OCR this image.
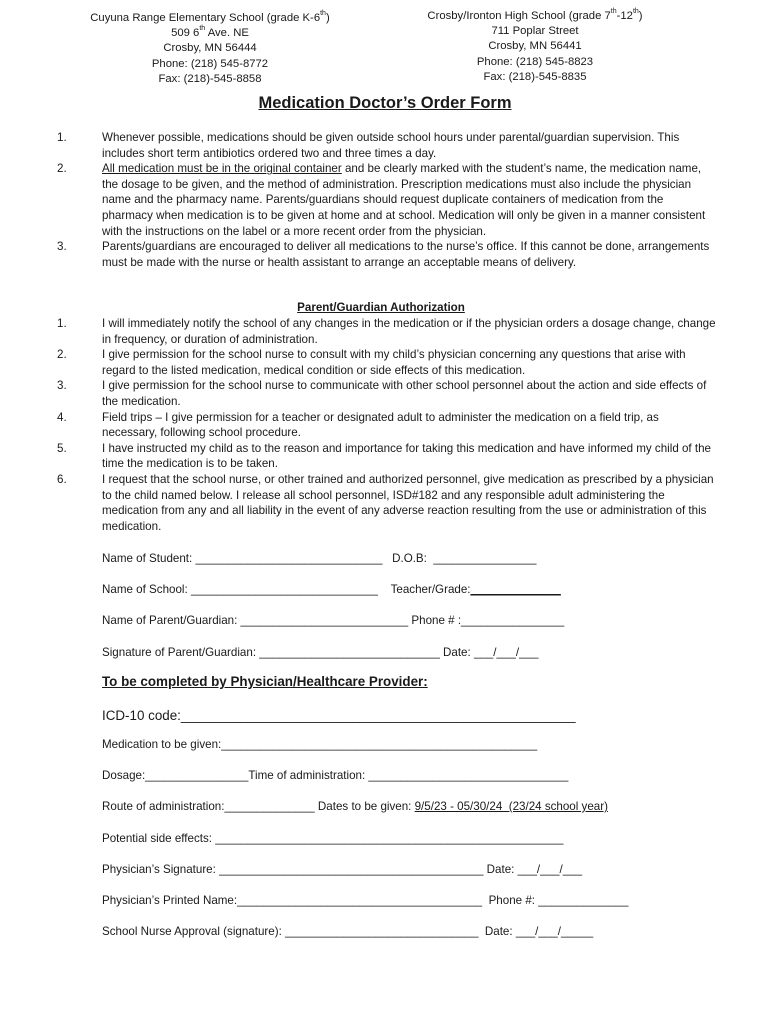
Cuyuna Range Elementary School (grade K-6th)
509 6th Ave. NE
Crosby, MN 56444
Phone: (218) 545-8772
Fax: (218)-545-8858
Crosby/Ironton High School (grade 7th-12th)
711 Poplar Street
Crosby, MN 56441
Phone: (218) 545-8823
Fax: (218)-545-8835
Medication Doctor’s Order Form
1.	Whenever possible, medications should be given outside school hours under parental/guardian supervision. This includes short term antibiotics ordered two and three times a day.
2.	All medication must be in the original container and be clearly marked with the student’s name, the medication name, the dosage to be given, and the method of administration. Prescription medications must also include the physician name and the pharmacy name. Parents/guardians should request duplicate containers of medication from the pharmacy when medication is to be given at home and at school. Medication will only be given in a manner consistent with the instructions on the label or a more recent order from the physician.
3.	Parents/guardians are encouraged to deliver all medications to the nurse’s office. If this cannot be done, arrangements must be made with the nurse or health assistant to arrange an acceptable means of delivery.
Parent/Guardian Authorization
1.	I will immediately notify the school of any changes in the medication or if the physician orders a dosage change, change in frequency, or duration of administration.
2.	I give permission for the school nurse to consult with my child’s physician concerning any questions that arise with regard to the listed medication, medical condition or side effects of this medication.
3.	I give permission for the school nurse to communicate with other school personnel about the action and side effects of the medication.
4.	Field trips – I give permission for a teacher or designated adult to administer the medication on a field trip, as necessary, following school procedure.
5.	I have instructed my child as to the reason and importance for taking this medication and have informed my child of the time the medication is to be taken.
6.	I request that the school nurse, or other trained and authorized personnel, give medication as prescribed by a physician to the child named below. I release all school personnel, ISD#182 and any responsible adult administering the medication from any and all liability in the event of any adverse reaction resulting from the use or administration of this medication.
Name of Student: _____________________________   D.O.B:  ________________
Name of School: _____________________________    Teacher/Grade:______________
Name of Parent/Guardian: __________________________ Phone # :________________
Signature of Parent/Guardian: ____________________________ Date: ___/___/___
To be completed by Physician/Healthcare Provider:
ICD-10 code:_____________________________________________________
Medication to be given:_________________________________________________
Dosage:________________Time of administration: _______________________________
Route of administration:______________ Dates to be given: 9/5/23 - 05/30/24  (23/24 school year)
Potential side effects: ______________________________________________________
Physician’s Signature: _________________________________________ Date: ___/___/___
Physician’s Printed Name:______________________________________  Phone #: ______________
School Nurse Approval (signature): ______________________________  Date: ___/___/_____
